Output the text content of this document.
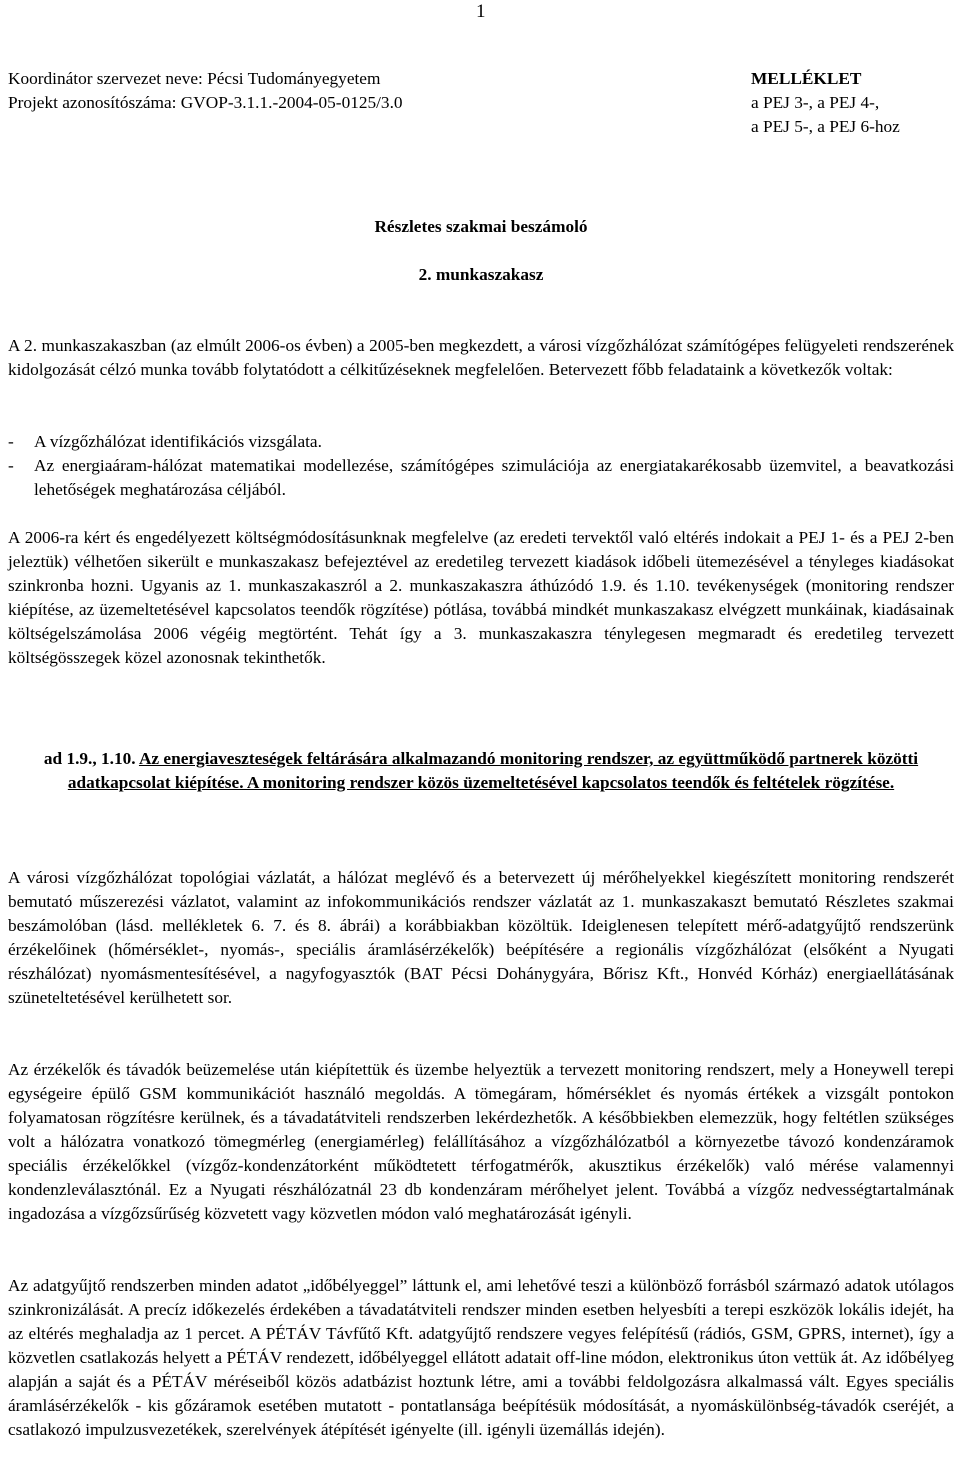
1
Koordinátor szervezet neve: Pécsi Tudományegyetem
Projekt azonosítószáma: GVOP-3.1.1.-2004-05-0125/3.0
MELLÉKLET
a PEJ 3-, a PEJ 4-,
a PEJ 5-, a PEJ 6-hoz
Részletes szakmai beszámoló
2. munkaszakasz

A 2. munkaszakaszban (az elmúlt 2006-os évben) a 2005-ben megkezdett, a városi vízgőzhálózat számítógépes felügyeleti rendszerének kidolgozását célzó munka tovább folytatódott a célkitűzéseknek megfelelően. Betervezett főbb feladataink a következők voltak:

- A vízgőzhálózat identifikációs vizsgálata.

- Az energiaáram-hálózat matematikai modellezése, számítógépes szimulációja az energiatakarékosabb üzemvitel, a beavatkozási lehetőségek meghatározása céljából.

A 2006-ra kért és engedélyezett költségmódosításunknak megfelelve (az eredeti tervektől való eltérés indokait a PEJ 1- és a PEJ 2-ben jeleztük) vélhetően sikerült e munkaszakasz befejeztével az eredetileg tervezett kiadások időbeli ütemezésével a tényleges kiadásokat szinkronba hozni. Ugyanis az 1. munkaszakaszról a 2. munkaszakaszra áthúzódó 1.9. és 1.10. tevékenységek (monitoring rendszer kiépítése, az üzemeltetésével kapcsolatos teendők rögzítése) pótlása, továbbá mindkét munkaszakasz elvégzett munkáinak, kiadásainak költségelszámolása 2006 végéig megtörtént. Tehát így a 3. munkaszakaszra ténylegesen megmaradt és eredetileg tervezett költségösszegek közel azonosnak tekinthetők.

ad 1.9., 1.10. Az energiaveszteségek feltárására alkalmazandó monitoring rendszer, az együttműködő partnerek közötti adatkapcsolat kiépítése. A monitoring rendszer közös üzemeltetésével kapcsolatos teendők és feltételek rögzítése.

A városi vízgőzhálózat topológiai vázlatát, a hálózat meglévő és a betervezett új mérőhelyekkel kiegészített monitoring rendszerét bemutató műszerezési vázlatot, valamint az infokommunikációs rendszer vázlatát az 1. munkaszakaszt bemutató Részletes szakmai beszámolóban (lásd. mellékletek 6. 7. és 8. ábrái) a korábbiakban közöltük. Ideiglenesen telepített mérő-adatgyűjtő rendszerünk érzékelőinek (hőmérséklet-, nyomás-, speciális áramlásérzékelők) beépítésére a regionális vízgőzhálózat (elsőként a Nyugati részhálózat) nyomásmentesítésével, a nagyfogyasztók (BAT Pécsi Dohánygyára, Bőrisz Kft., Honvéd Kórház) energiaellátásának szüneteltetésével kerülhetett sor.

Az érzékelők és távadók beüzemelése után kiépítettük és üzembe helyeztük a tervezett monitoring rendszert, mely a Honeywell terepi egységeire épülő GSM kommunikációt használó megoldás. A tömegáram, hőmérséklet és nyomás értékek a vizsgált pontokon folyamatosan rögzítésre kerülnek, és a távadatátviteli rendszerben lekérdezhetők. A későbbiekben elemezzük, hogy feltétlen szükséges volt a hálózatra vonatkozó tömegmérleg (energiamérleg) felállításához a vízgőzhálózatból a környezetbe távozó kondenzáramok speciális érzékelőkkel (vízgőz-kondenzátorként működtetett térfogatmérők, akusztikus érzékelők) való mérése valamennyi kondenzleválasztónál. Ez a Nyugati részhálózatnál 23 db kondenzáram mérőhelyet jelent. Továbbá a vízgőz nedvességtartalmának ingadozása a vízgőzsűrűség közvetett vagy közvetlen módon való meghatározását igényli.

Az adatgyűjtő rendszerben minden adatot „időbélyeggel” láttunk el, ami lehetővé teszi a különböző forrásból származó adatok utólagos szinkronizálását. A precíz időkezelés érdekében a távadatátviteli rendszer minden esetben helyesbíti a terepi eszközök lokális idejét, ha az eltérés meghaladja az 1 percet. A PÉTÁV Távfűtő Kft. adatgyűjtő rendszere vegyes felépítésű (rádiós, GSM, GPRS, internet), így a közvetlen csatlakozás helyett a PÉTÁV rendezett, időbélyeggel ellátott adatait off-line módon, elektronikus úton vettük át. Az időbélyeg alapján a saját és a PÉTÁV méréseiből közös adatbázist hoztunk létre, ami a további feldolgozásra alkalmassá vált. Egyes speciális áramlásérzékelők - kis gőzáramok esetében mutatott - pontatlansága beépítésük módosítását, a nyomáskülönbség-távadók cseréjét, a csatlakozó impulzusvezetékek, szerelvények átépítését igényelte (ill. igényli üzemállás idején).
